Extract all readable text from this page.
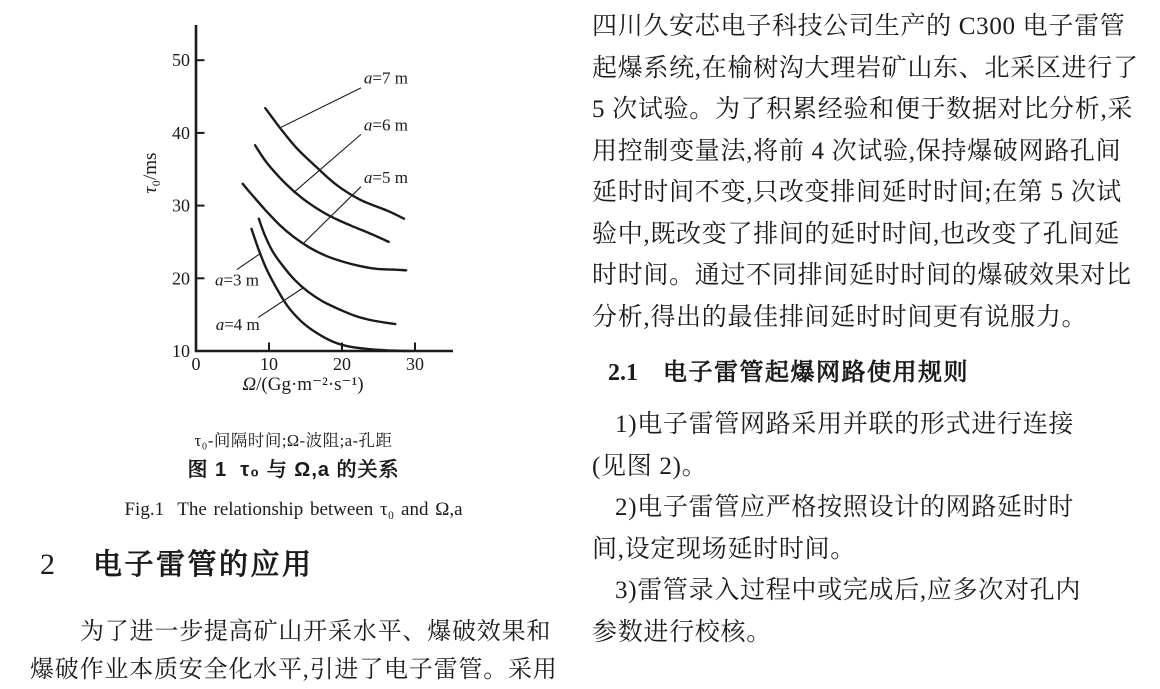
0	10	20	30
10
20
30
40
50
τ₀/ms
Ω/(Gg·m⁻²·s⁻¹)
a=7 m
a=6 m
a=5 m
a=3 m
a=4 m
τ₀-间隔时间;Ω-波阻;a-孔距
图 1  τ₀ 与 Ω,a 的关系
Fig.1  The relationship between τ₀ and Ω,a
2 电子雷管的应用
为了进一步提高矿山开采水平、爆破效果和
爆破作业本质安全化水平,引进了电子雷管。采用
四川久安芯电子科技公司生产的 C300 电子雷管
起爆系统,在榆树沟大理岩矿山东、北采区进行了
5 次试验。为了积累经验和便于数据对比分析,采
用控制变量法,将前 4 次试验,保持爆破网路孔间
延时时间不变,只改变排间延时时间;在第 5 次试
验中,既改变了排间的延时时间,也改变了孔间延
时时间。通过不同排间延时时间的爆破效果对比
分析,得出的最佳排间延时时间更有说服力。
2.1 电子雷管起爆网路使用规则
1)电子雷管网路采用并联的形式进行连接
(见图 2)。
2)电子雷管应严格按照设计的网路延时时
间,设定现场延时时间。
3)雷管录入过程中或完成后,应多次对孔内
参数进行校核。
